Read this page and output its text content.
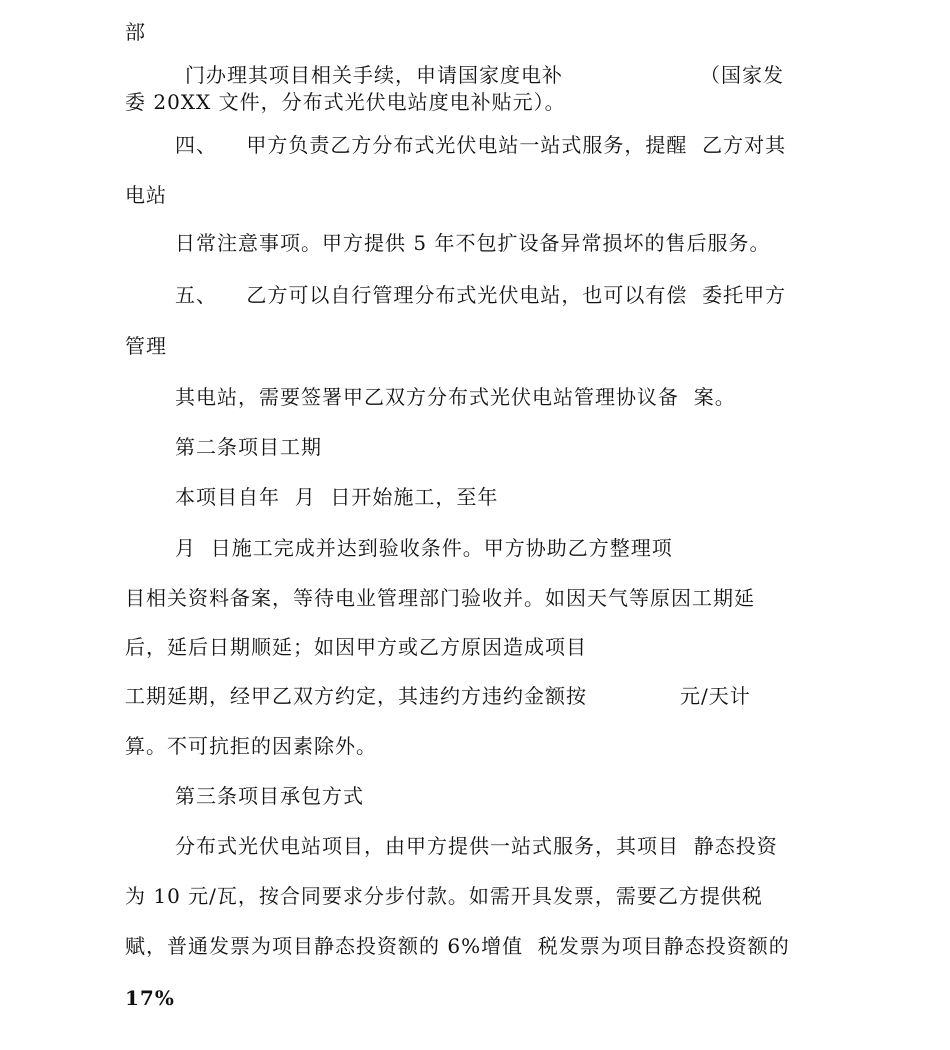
部

门办理其项目相关手续，申请国家度电补	（国家发

委 20XX 文件，分布式光伏电站度电补贴元）。

四、    甲方负责乙方分布式光伏电站一站式服务，提醒  乙方对其

电站

日常注意事项。甲方提供 5 年不包扩设备异常损坏的售后服务。

五、    乙方可以自行管理分布式光伏电站，也可以有偿  委托甲方

管理

其电站，需要签署甲乙双方分布式光伏电站管理协议备  案。

第二条项目工期

本项目自年  月  日开始施工，至年

月  日施工完成并达到验收条件。甲方协助乙方整理项

目相关资料备案，等待电业管理部门验收并。如因天气等原因工期延

后，延后日期顺延；如因甲方或乙方原因造成项目

工期延期，经甲乙双方约定，其违约方违约金额按	元/天计

算。不可抗拒的因素除外。

第三条项目承包方式

分布式光伏电站项目，由甲方提供一站式服务，其项目  静态投资

为 10 元/瓦，按合同要求分步付款。如需开具发票，需要乙方提供税

赋，普通发票为项目静态投资额的 6%增值  税发票为项目静态投资额的

17%
